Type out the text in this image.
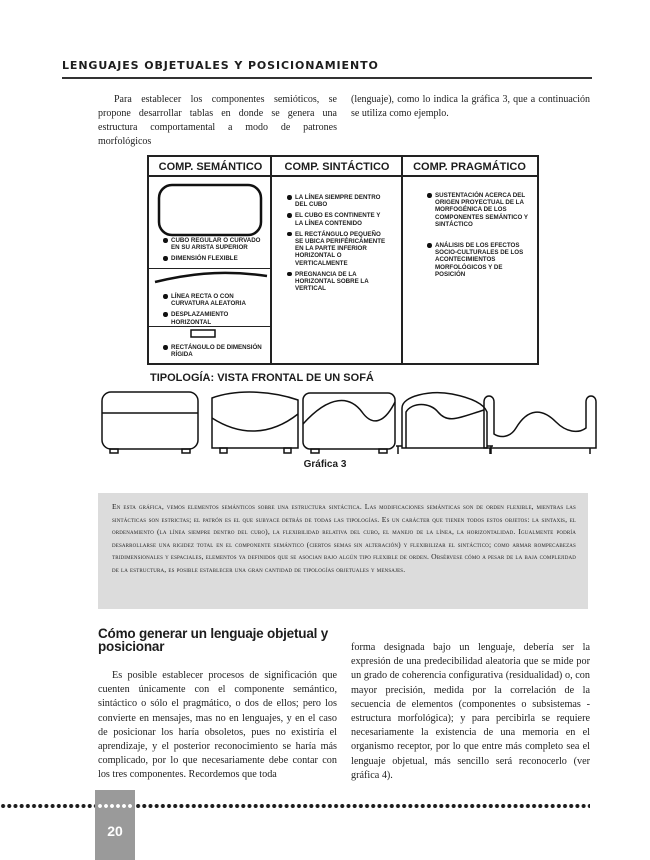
LENGUAJES OBJETUALES Y POSICIONAMIENTO

Para establecer los componentes semióticos, se propone desarrollar tablas en donde se genera una estructura comportamental a modo de patrones morfológicos

(lenguaje), como lo indica la gráfica 3, que a continuación se utiliza como ejemplo.

COMP. SEMÁNTICO	COMP. SINTÁCTICO	COMP. PRAGMÁTICO
CUBO REGULAR O CURVADO EN SU ARISTA SUPERIOR
DIMENSIÓN FLEXIBLE
LÍNEA RECTA O CON CURVATURA ALEATORIA
DESPLAZAMIENTO HORIZONTAL
RECTÁNGULO DE DIMENSIÓN RÍGIDA
LA LÍNEA SIEMPRE DENTRO DEL CUBO
EL CUBO ES CONTINENTE Y LA LÍNEA CONTENIDO
EL RECTÁNGULO PEQUEÑO SE UBICA PERIFÉRICAMENTE EN LA PARTE INFERIOR HORIZONTAL O VERTICALMENTE
PREGNANCIA DE LA HORIZONTAL SOBRE LA VERTICAL
SUSTENTACIÓN ACERCA DEL ORIGEN PROYECTUAL DE LA MORFOGÉNICA DE LOS COMPONENTES SEMÁNTICO Y SINTÁCTICO
ANÁLISIS DE LOS EFECTOS SOCIO-CULTURALES DE LOS ACONTECIMIENTOS MORFOLÓGICOS Y DE POSICIÓN
TIPOLOGÍA: VISTA FRONTAL DE UN SOFÁ
Gráfica 3

En esta gráfica, vemos elementos semánticos sobre una estructura sintáctica. Las modificaciones semánticas son de orden flexible, mientras las sintácticas son estrictas; el patrón es el que subyace detrás de todas las tipologías. Es un carácter que tienen todos estos objetos: la sintaxis, el ordenamiento (la línea siempre dentro del cubo), la flexibilidad relativa del cubo, el manejo de la línea, la horizontalidad. Igualmente podría desarrollarse una rigidez total en el componente semántico (ciertos semas sin alteración) y flexibilizar el sintáctico; como armar rompecabezas tridimensionales y espaciales, elementos ya definidos que se asocian bajo algún tipo flexible de orden. Obsérvese cómo a pesar de la baja complejidad de la estructura, es posible establecer una gran cantidad de tipologías objetuales y mensajes.

Cómo generar un lenguaje objetual y posicionar

Es posible establecer procesos de significación que cuenten únicamente con el componente semántico, sintáctico o sólo el pragmático, o dos de ellos; pero los convierte en mensajes, mas no en lenguajes, y en el caso de posicionar los haría obsoletos, pues no existiría el aprendizaje, y el posterior reconocimiento se haría más complicado, por lo que necesariamente debe contar con los tres componentes. Recordemos que toda

forma designada bajo un lenguaje, debería ser la expresión de una predecibilidad aleatoria que se mide por un grado de coherencia configurativa (residualidad) o, con mayor precisión, medida por la correlación de la secuencia de elementos (componentes o subsistemas - estructura morfológica); y para percibirla se requiere necesariamente la existencia de una memoria en el organismo receptor, por lo que entre más completo sea el lenguaje objetual, más sencillo será reconocerlo (ver gráfica 4).

20
